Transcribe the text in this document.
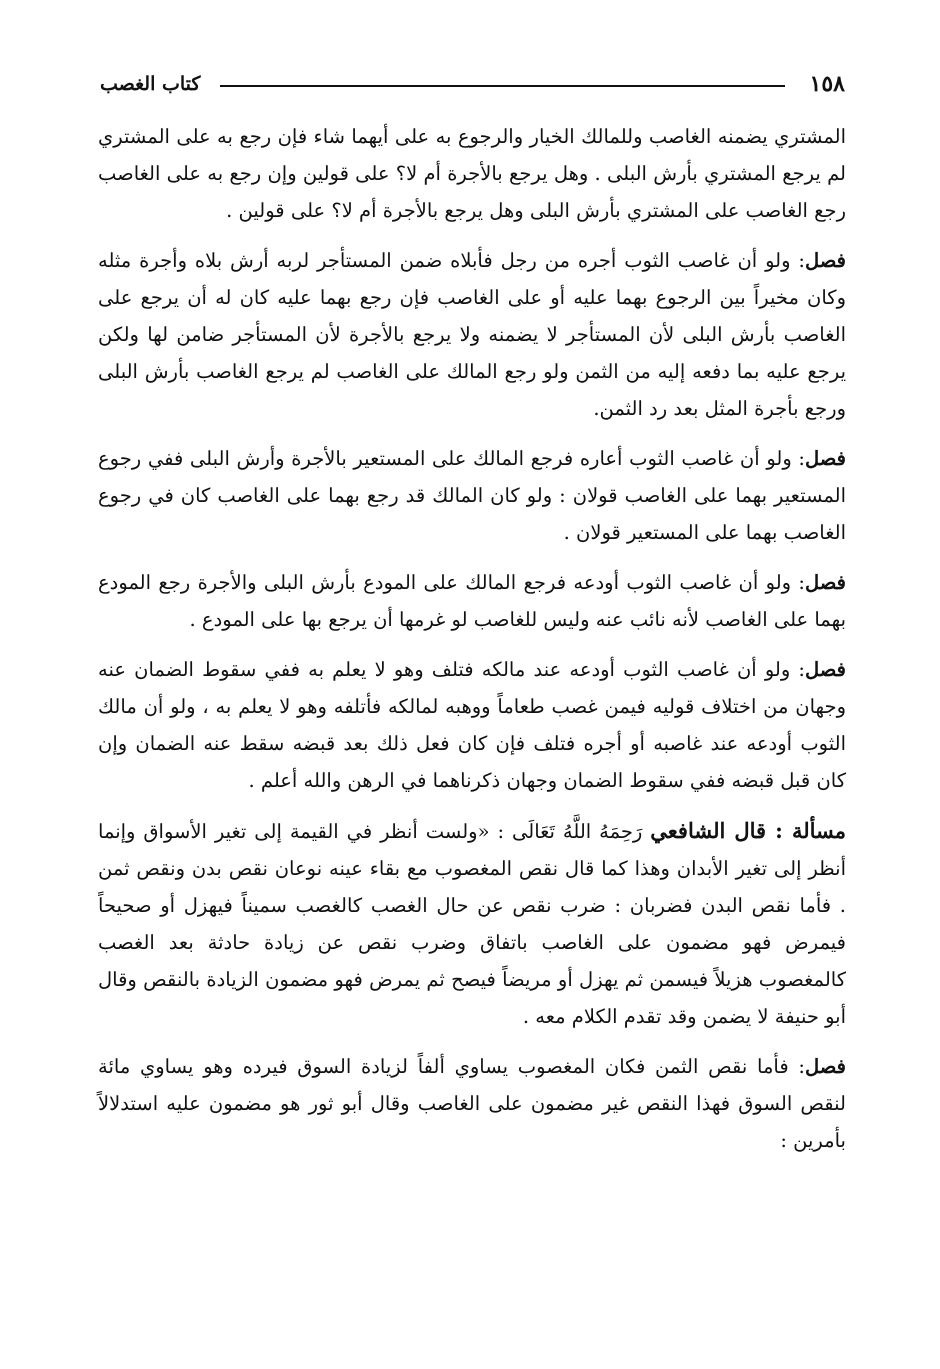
١٥٨
كتاب الغصب

المشتري يضمنه الغاصب وللمالك الخيار والرجوع به على أيهما شاء فإن رجع به على المشتري لم يرجع المشتري بأرش البلى . وهل يرجع بالأجرة أم لا؟ على قولين وإن رجع به على الغاصب رجع الغاصب على المشتري بأرش البلى وهل يرجع بالأجرة أم لا؟ على قولين .

فصل: ولو أن غاصب الثوب أجره من رجل فأبلاه ضمن المستأجر لربه أرش بلاه وأجرة مثله وكان مخيراً بين الرجوع بهما عليه أو على الغاصب فإن رجع بهما عليه كان له أن يرجع على الغاصب بأرش البلى لأن المستأجر لا يضمنه ولا يرجع بالأجرة لأن المستأجر ضامن لها ولكن يرجع عليه بما دفعه إليه من الثمن ولو رجع المالك على الغاصب لم يرجع الغاصب بأرش البلى ورجع بأجرة المثل بعد رد الثمن.

فصل: ولو أن غاصب الثوب أعاره فرجع المالك على المستعير بالأجرة وأرش البلى ففي رجوع المستعير بهما على الغاصب قولان : ولو كان المالك قد رجع بهما على الغاصب كان في رجوع الغاصب بهما على المستعير قولان .

فصل: ولو أن غاصب الثوب أودعه فرجع المالك على المودع بأرش البلى والأجرة رجع المودع بهما على الغاصب لأنه نائب عنه وليس للغاصب لو غرمها أن يرجع بها على المودع .

فصل: ولو أن غاصب الثوب أودعه عند مالكه فتلف وهو لا يعلم به ففي سقوط الضمان عنه وجهان من اختلاف قوليه فيمن غصب طعاماً ووهبه لمالكه فأتلفه وهو لا يعلم به ، ولو أن مالك الثوب أودعه عند غاصبه أو أجره فتلف فإن كان فعل ذلك بعد قبضه سقط عنه الضمان وإن كان قبل قبضه ففي سقوط الضمان وجهان ذكرناهما في الرهن والله أعلم .

مسألة : قال الشافعي رَحِمَهُ اللَّهُ تَعَالَى : «ولست أنظر في القيمة إلى تغير الأسواق وإنما أنظر إلى تغير الأبدان وهذا كما قال نقص المغصوب مع بقاء عينه نوعان نقص بدن ونقص ثمن . فأما نقص البدن فضربان : ضرب نقص عن حال الغصب كالغصب سميناً فيهزل أو صحيحاً فيمرض فهو مضمون على الغاصب باتفاق وضرب نقص عن زيادة حادثة بعد الغصب كالمغصوب هزيلاً فيسمن ثم يهزل أو مريضاً فيصح ثم يمرض فهو مضمون الزيادة بالنقص وقال أبو حنيفة لا يضمن وقد تقدم الكلام معه .

فصل: فأما نقص الثمن فكان المغصوب يساوي ألفاً لزيادة السوق فيرده وهو يساوي مائة لنقص السوق فهذا النقص غير مضمون على الغاصب وقال أبو ثور هو مضمون عليه استدلالاً بأمرين :
